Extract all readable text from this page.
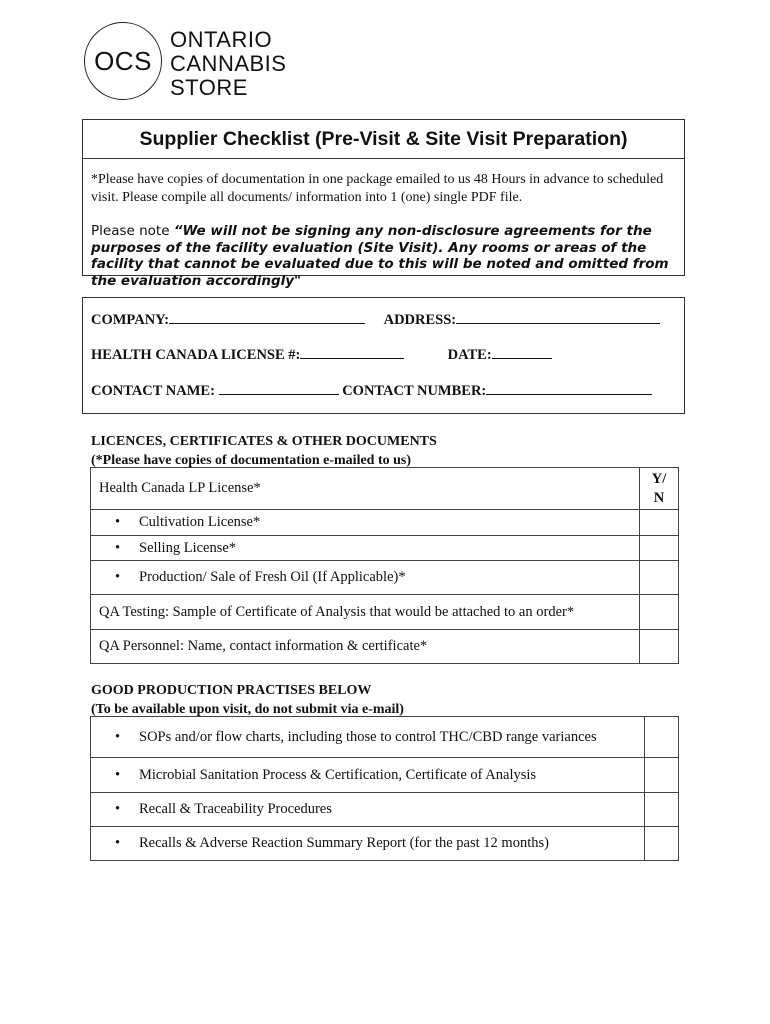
OCS
ONTARIO
CANNABIS
STORE
Supplier Checklist (Pre-Visit & Site Visit Preparation)
*Please have copies of documentation in one package emailed to us 48 Hours in advance to scheduled visit. Please compile all documents/ information into 1 (one) single PDF file.
Please note “We will not be signing any non-disclosure agreements for the purposes of the facility evaluation (Site Visit). Any rooms or areas of the facility that cannot be evaluated due to this will be noted and omitted from the evaluation accordingly"
COMPANY:	ADDRESS:
HEALTH CANADA LICENSE #:	DATE:
CONTACT NAME:	CONTACT NUMBER:
LICENCES, CERTIFICATES & OTHER DOCUMENTS
(*Please have copies of documentation e-mailed to us)
Health Canada LP License*	Y/
N
• Cultivation License*	
• Selling License*	
• Production/ Sale of Fresh Oil (If Applicable)*	
QA Testing: Sample of Certificate of Analysis that would be attached to an order*	
QA Personnel: Name, contact information & certificate*	
GOOD PRODUCTION PRACTISES BELOW
(To be available upon visit, do not submit via e-mail)
• SOPs and/or flow charts, including those to control THC/CBD range variances	
• Microbial Sanitation Process & Certification, Certificate of Analysis	
• Recall & Traceability Procedures	
• Recalls & Adverse Reaction Summary Report (for the past 12 months)	
